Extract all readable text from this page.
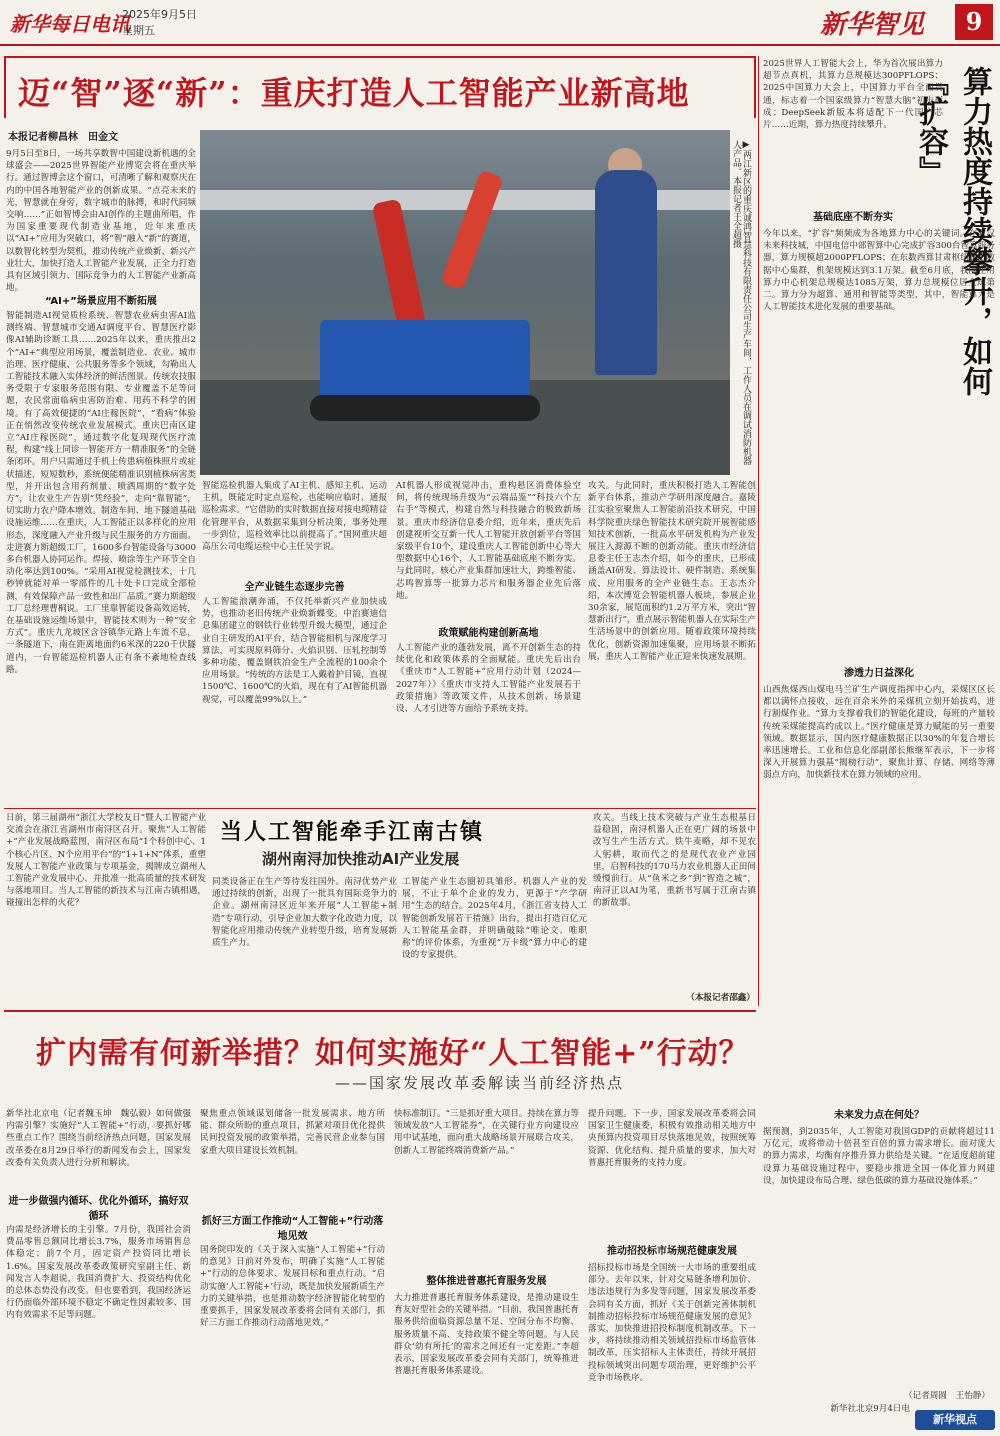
新华每日电讯
2025年9月5日
星期五	新华智见	9
迈“智”逐“新”：重庆打造人工智能产业新高地
本报记者柳昌林　田金文
▶两江新区的重庆诚鸿智慧科技有限责任公司生产车间，工作人员在调试消防机器人产品。本报记者王全超摄
9月5日至8日，一场共享数智中国建设新机遇的全球盛会——2025世界智能产业博览会将在重庆举行。通过智博会这个窗口，可清晰了解和观察庆在内的中国各地智能产业的创新成果。“点亮未来的光，智慧就在身旁，数字城市的脉搏，和时代同频交响……”正如智博会由AI创作的主题曲所唱，作为国家重要现代制造业基地，近年来重庆以“AI+”应用为突破口，将“智”融入“新”的赛道，以数智化转型为契机，推动传统产业焕新、新兴产业壮大，加快打造人工智能产业发展，正全力打造具有区域引领力、国际竞争力的人工智能产业新高地。
“AI+”场景应用不断拓展
智能制造AI视觉质检系统、智慧农业病虫害AI监测终端、智慧城市交通AI调度平台、智慧医疗影像AI辅助诊断工具……2025年以来，重庆推出2个“AI+”典型应用场景，覆盖制造业、农业、城市治理、医疗健康、公共服务等多个领域，勾勒出人工智能技术融入实体经济的鲜活图景。传统农技服务受限于专家服务范围有限、专业覆盖不足等问题，农民常面临病虫害防治难、用药不科学的困境。有了高效便捷的“AI庄稼医院”，“看病”体验正在悄然改变传统农业发展模式。重庆巴南区建立“AI庄稼医院”，通过数字化复现现代医疗流程，构建“线上同诊一智能开方一精准服务”的全链条闭环。用户只需通过手机上传患病植株照片或症状描述，短短数秒，系统便能精准识别植株病害类型，并开出包含用药剂量、喷洒周期的“数字处方”，让农业生产告别“凭经验”，走向“靠智能”，切实助力农户降本增效。制造车间、地下隧道基础设施运维……在重庆，人工智能正以多样化的应用形态，深度融入产业升级与民生服务的方方面面。走进赛力斯超级工厂，1600多台智能设备与3000多台机器人协同运作。焊接、喷涂等生产环节全自动化率达到100%。“采用AI视觉检测技术，十几秒钟就能对单一零部件的几十处卡口完成全部检测，有效保障产品一致性和出厂品质。”赛力斯超级工厂总经理曹桐说。工厂里靠智能设备高效运转，在基础设施运维场景中，智能技术则为一种“安全方式”。重庆九龙坡区含谷镇华元路上车流不息，一条隧道下，南在距离地面约6米深的220千伏隧道内，一台智能巡检机器人正有条不紊地检查线路。
智能巡检机器人集成了AI主机、感知主机、运动主机，既能定时定点巡检，也能响应临时、通报巡检需求。“它借助的实时数据直接对接电缆精益化管理平台，从数据采集到分析决策，事务处理一步到位，巡检效率比以前提高了。”国网重庆超高压公司电缆运检中心主任吴宇说。
全产业链生态逐步完善
人工智能浪潮奔涌，不仅托举新兴产业加快成势，也推动老旧传统产业焕新蝶变。中治赛迪信息集团建立的钢铁行业转型升级大模型，通过企业自主研发的AI平台，结合智能相机与深度学习算法，可实现原料筛分、火焰识别、压轧控制等多种功能，覆盖钢铁冶金生产全流程的100余个应用场景。“传统的方法是工人戴着护目镜，直视1500℃、1600℃的火焰，现在有了AI智能机器视觉，可以覆盖99%以上。”
AI机器人形成视觉冲击，重构悬区消费体验空间，将传统现场升级为“云端品鉴”“科技六个左右手”等模式，构建自然与科技融合的极致新场景。重庆市经济信息委介绍，近年来，重庆先后创建视听交互新一代人工智能开放创新平台等国家级平台10个，建设重庆人工智能创新中心等大型数据中心16个，人工智能基础底座不断夯实。与此同时，核心产业集群加速壮大，跨维智能、芯鸣智算等一批算力芯片和服务器企业先后落地。
政策赋能构建创新高地
人工智能产业的蓬勃发展，离不开创新生态的持续优化和政策体系的全面赋能。重庆先后出台《重庆市“人工智能+”应用行动计划（2024—2027年）》《重庆市支持人工智能产业发展若干政策措施》等政策文件，从技术创新、场景建设、人才引进等方面给予系统支持。
攻关。与此同时，重庆积极打造人工智能创新平台体系，推动产学研用深度融合。嘉陵江实验室聚焦人工智能前沿技术研究，中国科学院重庆绿色智能技术研究院开展智能感知技术创新，一批高水平研发机构为产业发展注入源源不断的创新动能。重庆市经济信息委主任王志杰介绍，如今的重庆，已形成涵盖AI研发、算法设计、硬件制造、系统集成、应用服务的全产业链生态。王志杰介绍，本次博览会智能机器人板块，参展企业30余家，展览面积约1.2万平方米，突出“智慧新出行”，重点展示智能机器人在实际生产生活场景中的创新应用。随着政策环境持续优化，创新资源加速集聚，应用场景不断拓展，重庆人工智能产业正迎来快速发展期。
算力热度持续攀升，如何『扩容』
2025世界人工智能大会上，华为首次展出算力超节点真机，其算力总规模达300PFLOPS；2025中国算力大会上，中国算力平台全面贯通，标志着一个国家级算力“智慧大脑”初步形成；DeepSeek新版本将适配下一代国产芯片……近期，算力热度持续攀升。
基础底座不断夯实
今年以来，“扩容”频频成为各地算力中心的关键词。在武汉未来科技城，中国电信中部智算中心完成扩容300台智算服务器，算力规模超2000PFLOPS；在东数西算甘肃枢纽庆阳数据中心集群，机架规模达到3.1万架。截至6月底，我国在用算力中心机架总规模达1085万架，算力总规模位居全球第二。算力分为超算、通用和智能等类型，其中，智能算力是人工智能技术进化发展的重要基础。
渗透力日益深化
山西焦煤西山煤电马兰矿生产调度指挥中心内，采煤区区长都以满怀点接收，远在百余米外的采煤机立刻开始拔鸡，进行割煤作业。“算力支撑着我们的智能化建设，每班的产量较传统采煤能提高约成以上。”医疗健康是算力赋能的另一重要领域。数据显示，国内医疗健康数据正以30%的年复合增长率迅速增长。工业和信息化部副部长熊继军表示，下一步将深入开展算力强基“揭榜行动”，聚焦计算、存储、网络等薄弱点方向，加快新技术在算力领域的应用。
未来发力点在何处？
据预测，到2035年，人工智能对我国GDP的贡献将超过11万亿元，或将带动十倍甚至百倍的算力需求增长。面对庞大的算力需求，均衡有序推升算力供给是关键。“在适度超前建设算力基础设施过程中，要稳步推进全国一体化算力网建设，加快建设布局合理、绿色低碳的算力基础设施体系。”
（记者周圆　王怡静）
新华社北京9月4日电
当人工智能牵手江南古镇
湖州南浔加快推动AI产业发展
日前，第三届湖州“浙江大学校友日”暨人工智能产业交流会在浙江省湖州市南浔区召开。聚焦“人工智能+”产业发展战略蓝图，南浔区布局“1个科创中心、1个核心片区、N个应用平台”的“1+1+N”体系，重塑发展人工智能产业政策与专项基金，揭牌成立湖州人工智能产业发展中心、并批准一批高质量的技术研发与落地项目。当人工智能的新技术与江南古镇相遇，碰撞出怎样的火花？
同类设备正在生产等待发往国外。南浔优势产业通过持续的创新，出现了一批具有国际竞争力的企业。湖州南浔区近年来开展“人工智能+制造”专项行动，引导企业加大数字化改造力度，以智能化应用推动传统产业转型升级，培育发展新质生产力。
工智能产业生态圈初具雏形。机器人产业的发展，不止于单个企业的发力，更源于“产学研用”生态的结合。2025年4月，《浙江省支持人工智能创新发展若干措施》出台，提出打造百亿元人工智能基金群，并明确破除“唯论文、唯职称”的评价体系，为重视“万卡级”算力中心的建设的专家提供。
攻关。当线上技术突破与产业生态根基日益稳固，南浔机器人正在更广阔的场景中改写生产生活方式。铁牛麦略，却不见农人躬耕，取而代之的是现代农业产业园里，启智科技的170马力农业机器人正田间缓慢前行。从“鱼米之乡”到“智造之城”，南浔正以AI为笔，重新书写属于江南古镇的新故事。
（本报记者邵鑫）
扩内需有何新举措？如何实施好“人工智能+”行动？
——国家发展改革委解读当前经济热点
新华社北京电（记者魏玉坤　魏弘毅）如何做强内需引擎？实施好“人工智能+”行动，要抓好哪些重点工作？围绕当前经济热点问题，国家发展改革委在8月29日举行的新闻发布会上，国家发改委有关负责人进行分析和解读。
进一步做强内循环、优化外循环，搞好双循环
内需是经济增长的主引擎。7月份，我国社会消费品零售总额同比增长3.7%，服务市场销售总体稳定；前7个月，固定资产投资同比增长1.6%。国家发展改革委政策研究室副主任、新闻发言人李超说，我国消费扩大、投资结构优化的总体态势没有改变。但也要看到，我国经济运行仍面临外部环境不稳定不确定性因素较多、国内有效需求不足等问题。
聚焦重点领域谋划储备一批发展需求、地方所能、群众所盼的重点项目，抓紧对项目优化提供民间投资发展的政策举措，完善民营企业参与国家重大项目建设长效机制。
抓好三方面工作推动“人工智能+”行动落地见效
国务院印发的《关于深入实施“人工智能+”行动的意见》日前对外发布，明确了实施“人工智能+”行动的总体要求、发展目标和重点行动。“启动实施‘人工智能+’行动，既是加快发展新质生产力的关键举措，也是推动数字经济智能化转型的重要抓手，国家发展改革委将会同有关部门，抓好三方面工作推动行动落地见效。”
快标准制订。“三是抓好重大项目。持续在算力等领域发放“人工智能券”，在关键行业方向建设应用中试基地，面向重大战略场景开展联合攻关，创新人工智能终端消费新产品。”
整体推进普惠托育服务发展
大力推进普惠托育服务体系建设，是推动建设生育友好型社会的关键举措。“目前，我国普惠托育服务供给面临资源总量不足、空间分布不均衡、服务质量不高、支持政策不健全等问题。与人民群众‘幼有所托’的需求之间还有一定差距。”李超表示，国家发展改革委会同有关部门，统筹推进普惠托育服务体系建设。
提升问题。下一步，国家发展改革委将会同国家卫生健康委，积极有效推动相关地方中央预算内投资项目尽快落地见效，按照统筹资源、优化结构、提升质量的要求，加大对普惠托育服务的支持力度。
推动招投标市场规范健康发展
招标投标市场是全国统一大市场的重要组成部分。去年以来，针对交易链条增利加价、违法违规行为多发等问题，国家发展改革委会同有关方面，抓好《关于创新完善体制机制推动招标投标市场规范健康发展的意见》落实，加快推进招投标制度机制改革。下一步，将持续推动相关领域招投标市场监管体制改革，压实招标人主体责任，持续开展招投标领域突出问题专项治理，更好维护公平竞争市场秩序。
新华视点
